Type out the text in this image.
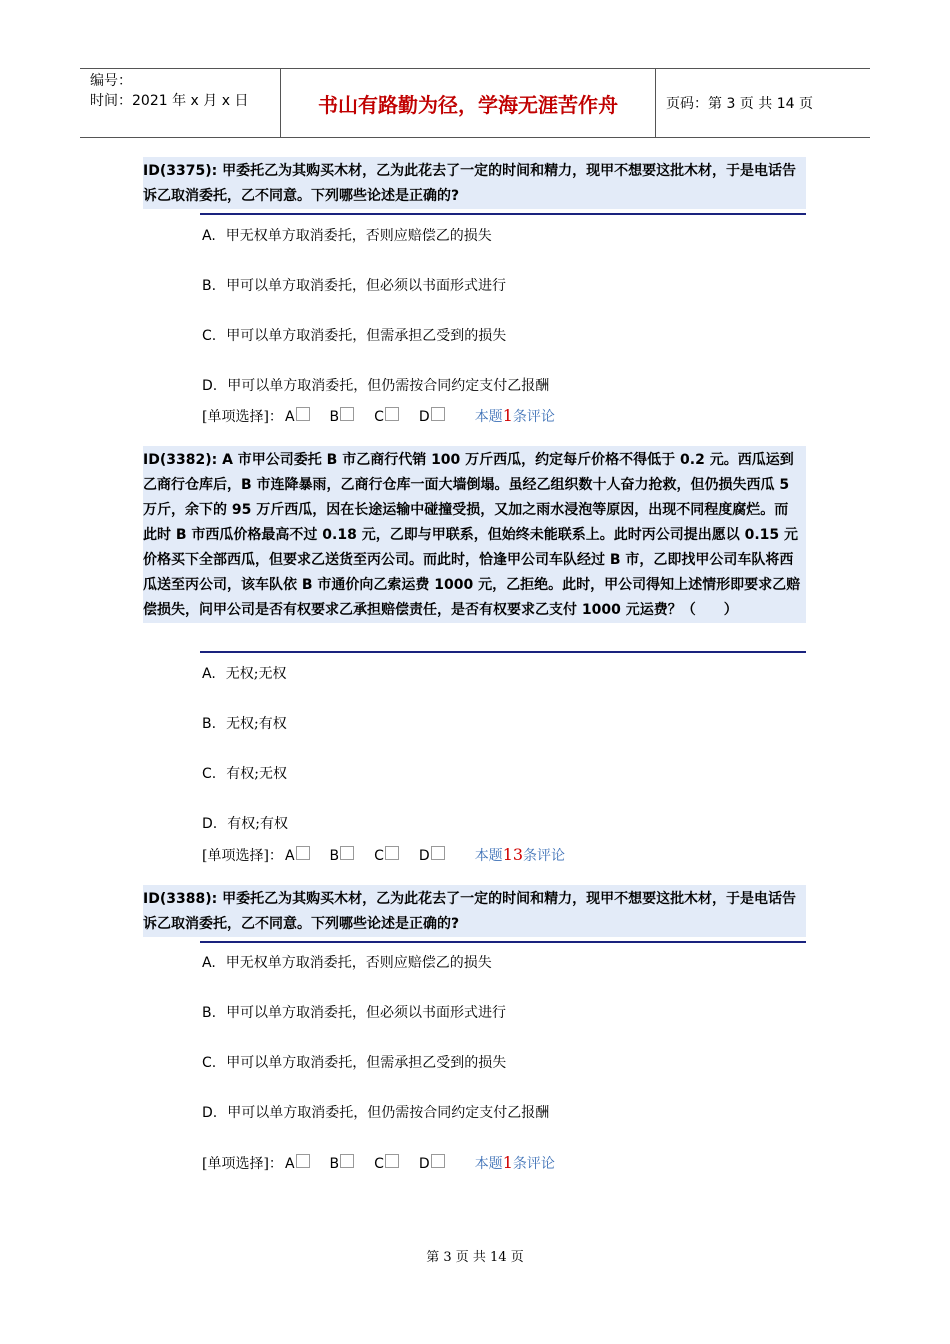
编号：
时间：2021 年 x 月 x 日	书山有路勤为径，学海无涯苦作舟	页码：第 3 页 共 14 页
ID(3375): 甲委托乙为其购买木材，乙为此花去了一定的时间和精力，现甲不想要这批木材，于是电话告诉乙取消委托，乙不同意。下列哪些论述是正确的?
A. 甲无权单方取消委托，否则应赔偿乙的损失
B. 甲可以单方取消委托，但必须以书面形式进行
C. 甲可以单方取消委托，但需承担乙受到的损失
D. 甲可以单方取消委托，但仍需按合同约定支付乙报酬
[单项选择]： A	B	C	D	本题1条评论
ID(3382): A 市甲公司委托 B 市乙商行代销 100 万斤西瓜，约定每斤价格不得低于 0.2 元。西瓜运到乙商行仓库后，B 市连降暴雨，乙商行仓库一面大墙倒塌。虽经乙组织数十人奋力抢救，但仍损失西瓜 5 万斤，余下的 95 万斤西瓜，因在长途运输中碰撞受损，又加之雨水浸泡等原因，出现不同程度腐烂。而此时 B 市西瓜价格最高不过 0.18 元，乙即与甲联系，但始终未能联系上。此时丙公司提出愿以 0.15 元价格买下全部西瓜，但要求乙送货至丙公司。而此时，恰逢甲公司车队经过 B 市，乙即找甲公司车队将西瓜送至丙公司，该车队依 B 市通价向乙索运费 1000 元，乙拒绝。此时，甲公司得知上述情形即要求乙赔偿损失，问甲公司是否有权要求乙承担赔偿责任，是否有权要求乙支付 1000 元运费？（　　）
A. 无权;无权
B. 无权;有权
C. 有权;无权
D. 有权;有权
[单项选择]： A	B	C	D	本题13条评论
ID(3388): 甲委托乙为其购买木材，乙为此花去了一定的时间和精力，现甲不想要这批木材，于是电话告诉乙取消委托，乙不同意。下列哪些论述是正确的?
A. 甲无权单方取消委托，否则应赔偿乙的损失
B. 甲可以单方取消委托，但必须以书面形式进行
C. 甲可以单方取消委托，但需承担乙受到的损失
D. 甲可以单方取消委托，但仍需按合同约定支付乙报酬
[单项选择]： A	B	C	D	本题1条评论
第 3 页 共 14 页
